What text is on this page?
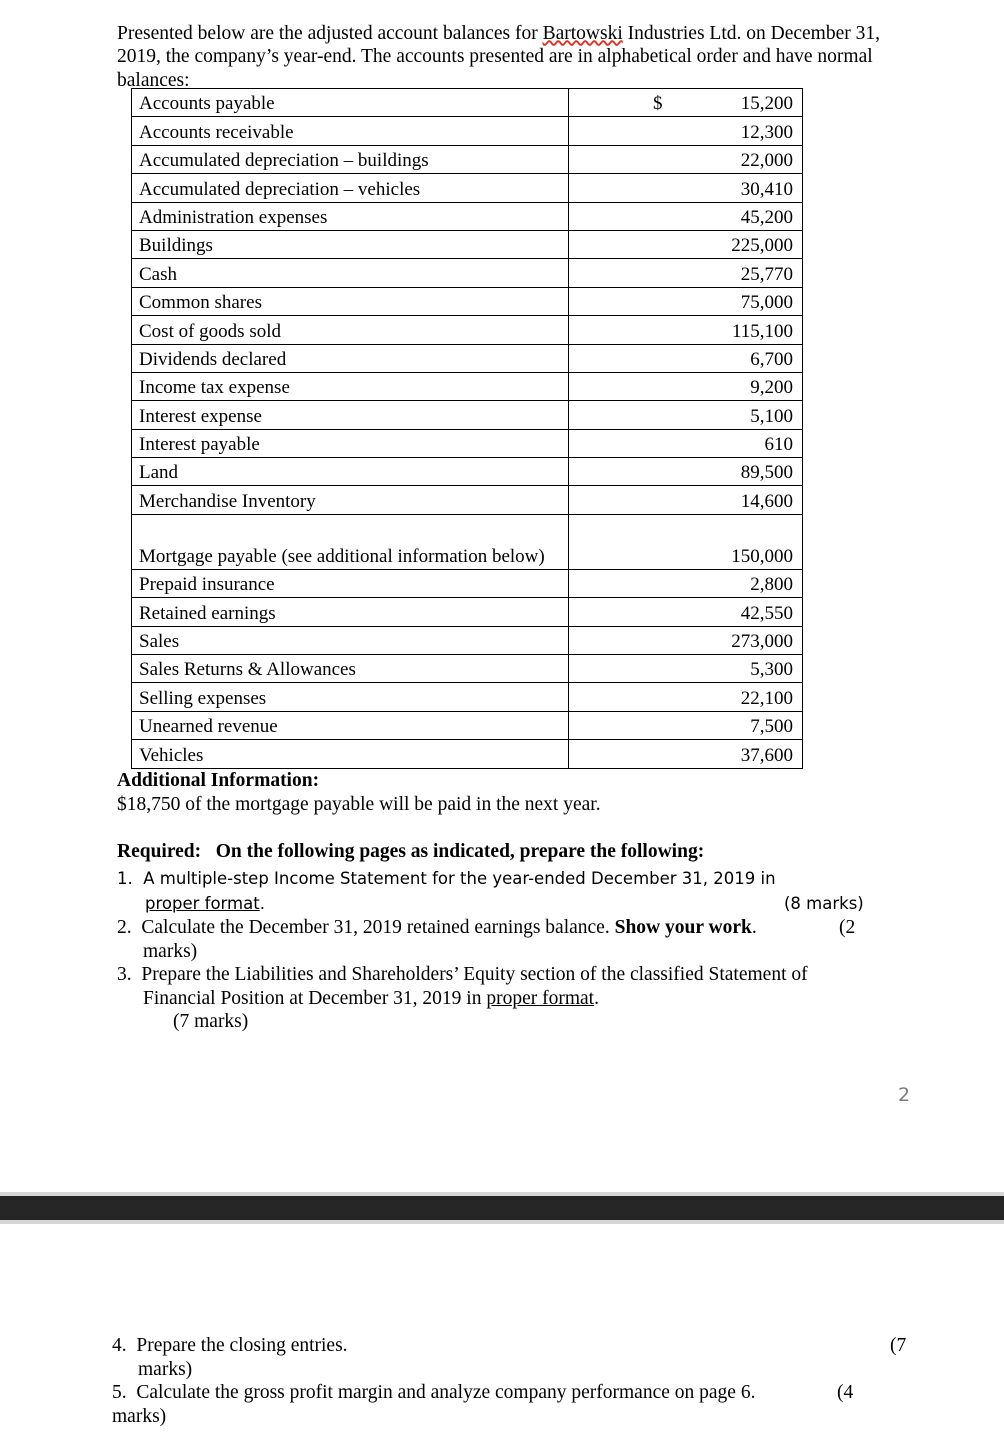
Presented below are the adjusted account balances for Bartowski Industries Ltd. on December 31, 2019, the company’s year-end. The accounts presented are in alphabetical order and have normal balances:

Accounts payable	$ 15,200
Accounts receivable	12,300
Accumulated depreciation – buildings	22,000
Accumulated depreciation – vehicles	30,410
Administration expenses	45,200
Buildings	225,000
Cash	25,770
Common shares	75,000
Cost of goods sold	115,100
Dividends declared	6,700
Income tax expense	9,200
Interest expense	5,100
Interest payable	610
Land	89,500
Merchandise Inventory	14,600
Mortgage payable (see additional information below)	150,000
Prepaid insurance	2,800
Retained earnings	42,550
Sales	273,000
Sales Returns & Allowances	5,300
Selling expenses	22,100
Unearned revenue	7,500
Vehicles	37,600
Additional Information:
$18,750 of the mortgage payable will be paid in the next year.
Required:   On the following pages as indicated, prepare the following:
1. A multiple-step Income Statement for the year-ended December 31, 2019 in
proper format.	(8 marks)
2. Calculate the December 31, 2019 retained earnings balance. Show your work.	(2
marks)
3. Prepare the Liabilities and Shareholders’ Equity section of the classified Statement of
Financial Position at December 31, 2019 in proper format.
(7 marks)
2
4. Prepare the closing entries.	(7
marks)
5. Calculate the gross profit margin and analyze company performance on page 6.	(4
marks)
